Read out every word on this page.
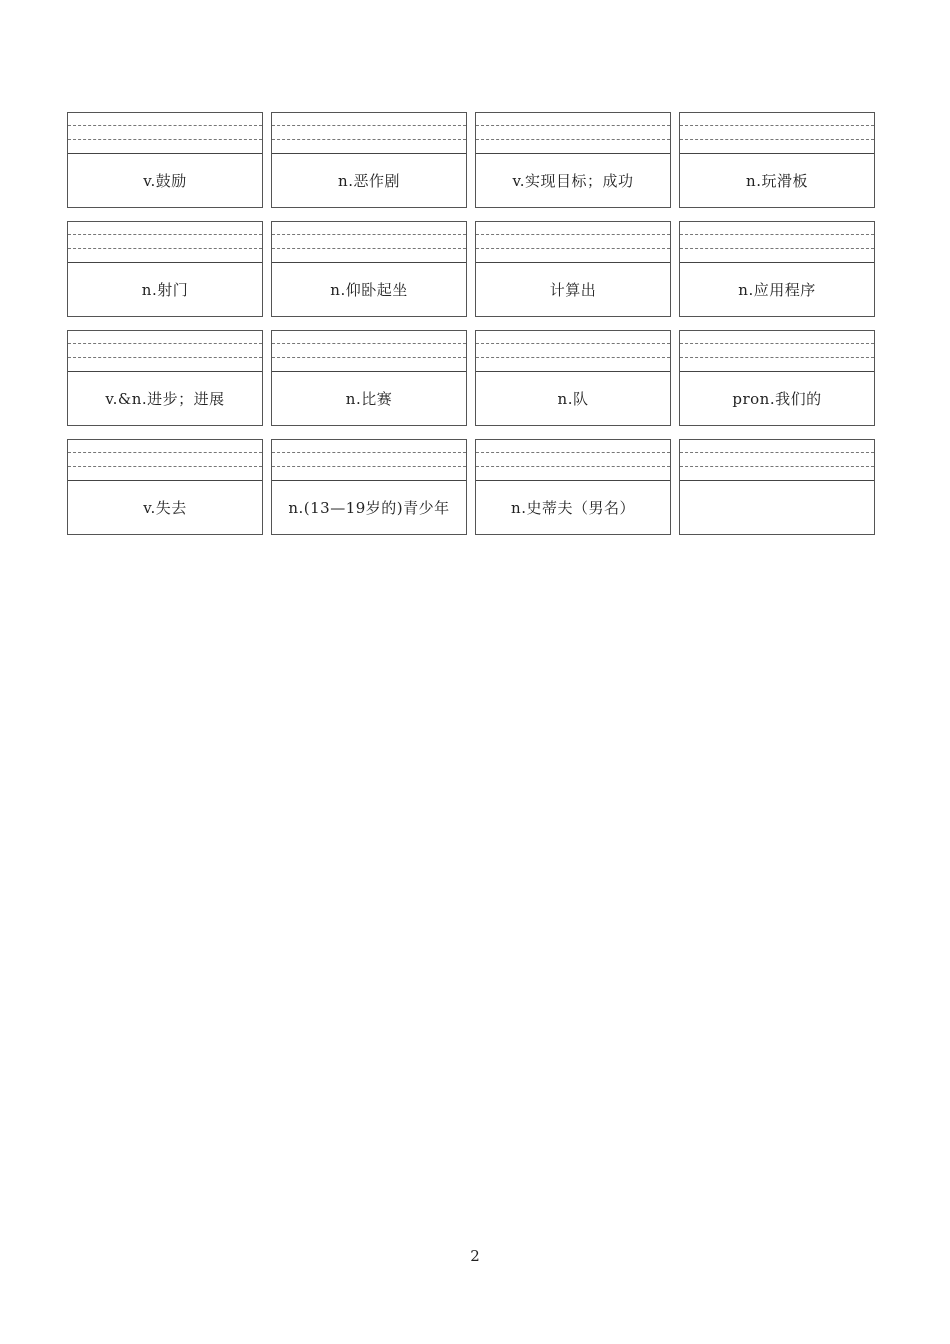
v.鼓励	n.恶作剧	v.实现目标；成功	n.玩滑板
n.射门	n.仰卧起坐	计算出	n.应用程序
v.&n.进步；进展	n.比赛	n.队	pron.我们的
v.失去	n.(13—19岁的)青少年	n.史蒂夫（男名）
2
